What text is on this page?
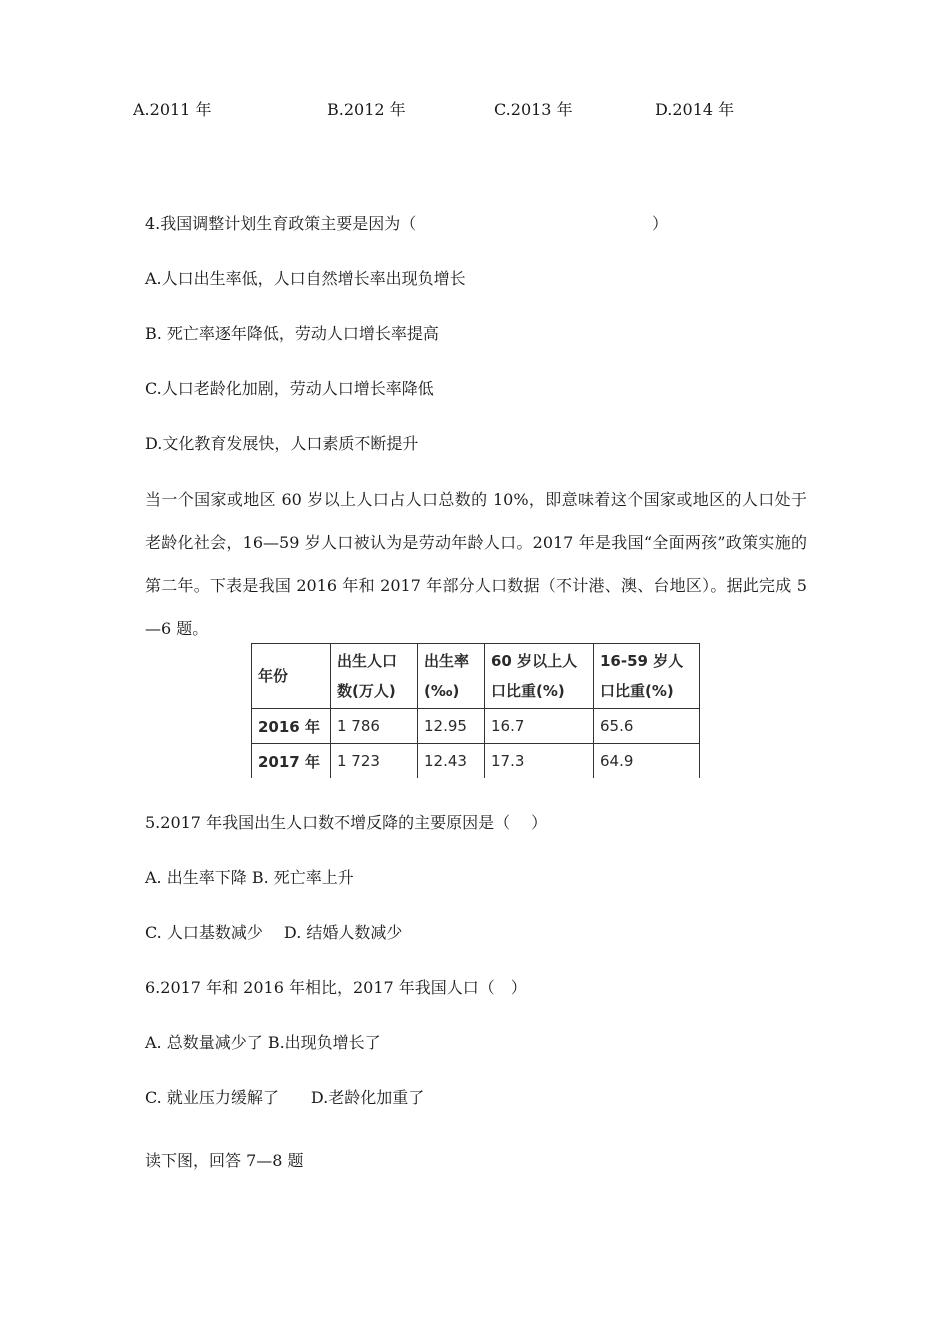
A.2011 年	B.2012 年	C.2013 年	D.2014 年
4.我国调整计划生育政策主要是因为（	）
A.人口出生率低，人口自然增长率出现负增长
B. 死亡率逐年降低，劳动人口增长率提高
C.人口老龄化加剧，劳动人口增长率降低
D.文化教育发展快，人口素质不断提升
当一个国家或地区 60 岁以上人口占人口总数的 10%，即意味着这个国家或地区的人口处于老龄化社会，16—59 岁人口被认为是劳动年龄人口。2017 年是我国“全面两孩”政策实施的第二年。下表是我国 2016 年和 2017 年部分人口数据（不计港、澳、台地区）。据此完成 5—6 题。
年份	出生人口数(万人)	出生率(‰)	60 岁以上人口比重(%)	16-59 岁人口比重(%)
2016 年	1 786	12.95	16.7	65.6
2017 年	1 723	12.43	17.3	64.9
5.2017 年我国出生人口数不增反降的主要原因是（　 ）
A. 出生率下降 B. 死亡率上升
C. 人口基数减少　 D. 结婚人数减少
6.2017 年和 2016 年相比，2017 年我国人口（　）
A. 总数量减少了 B.出现负增长了
C. 就业压力缓解了　　D.老龄化加重了
读下图，回答 7—8 题
